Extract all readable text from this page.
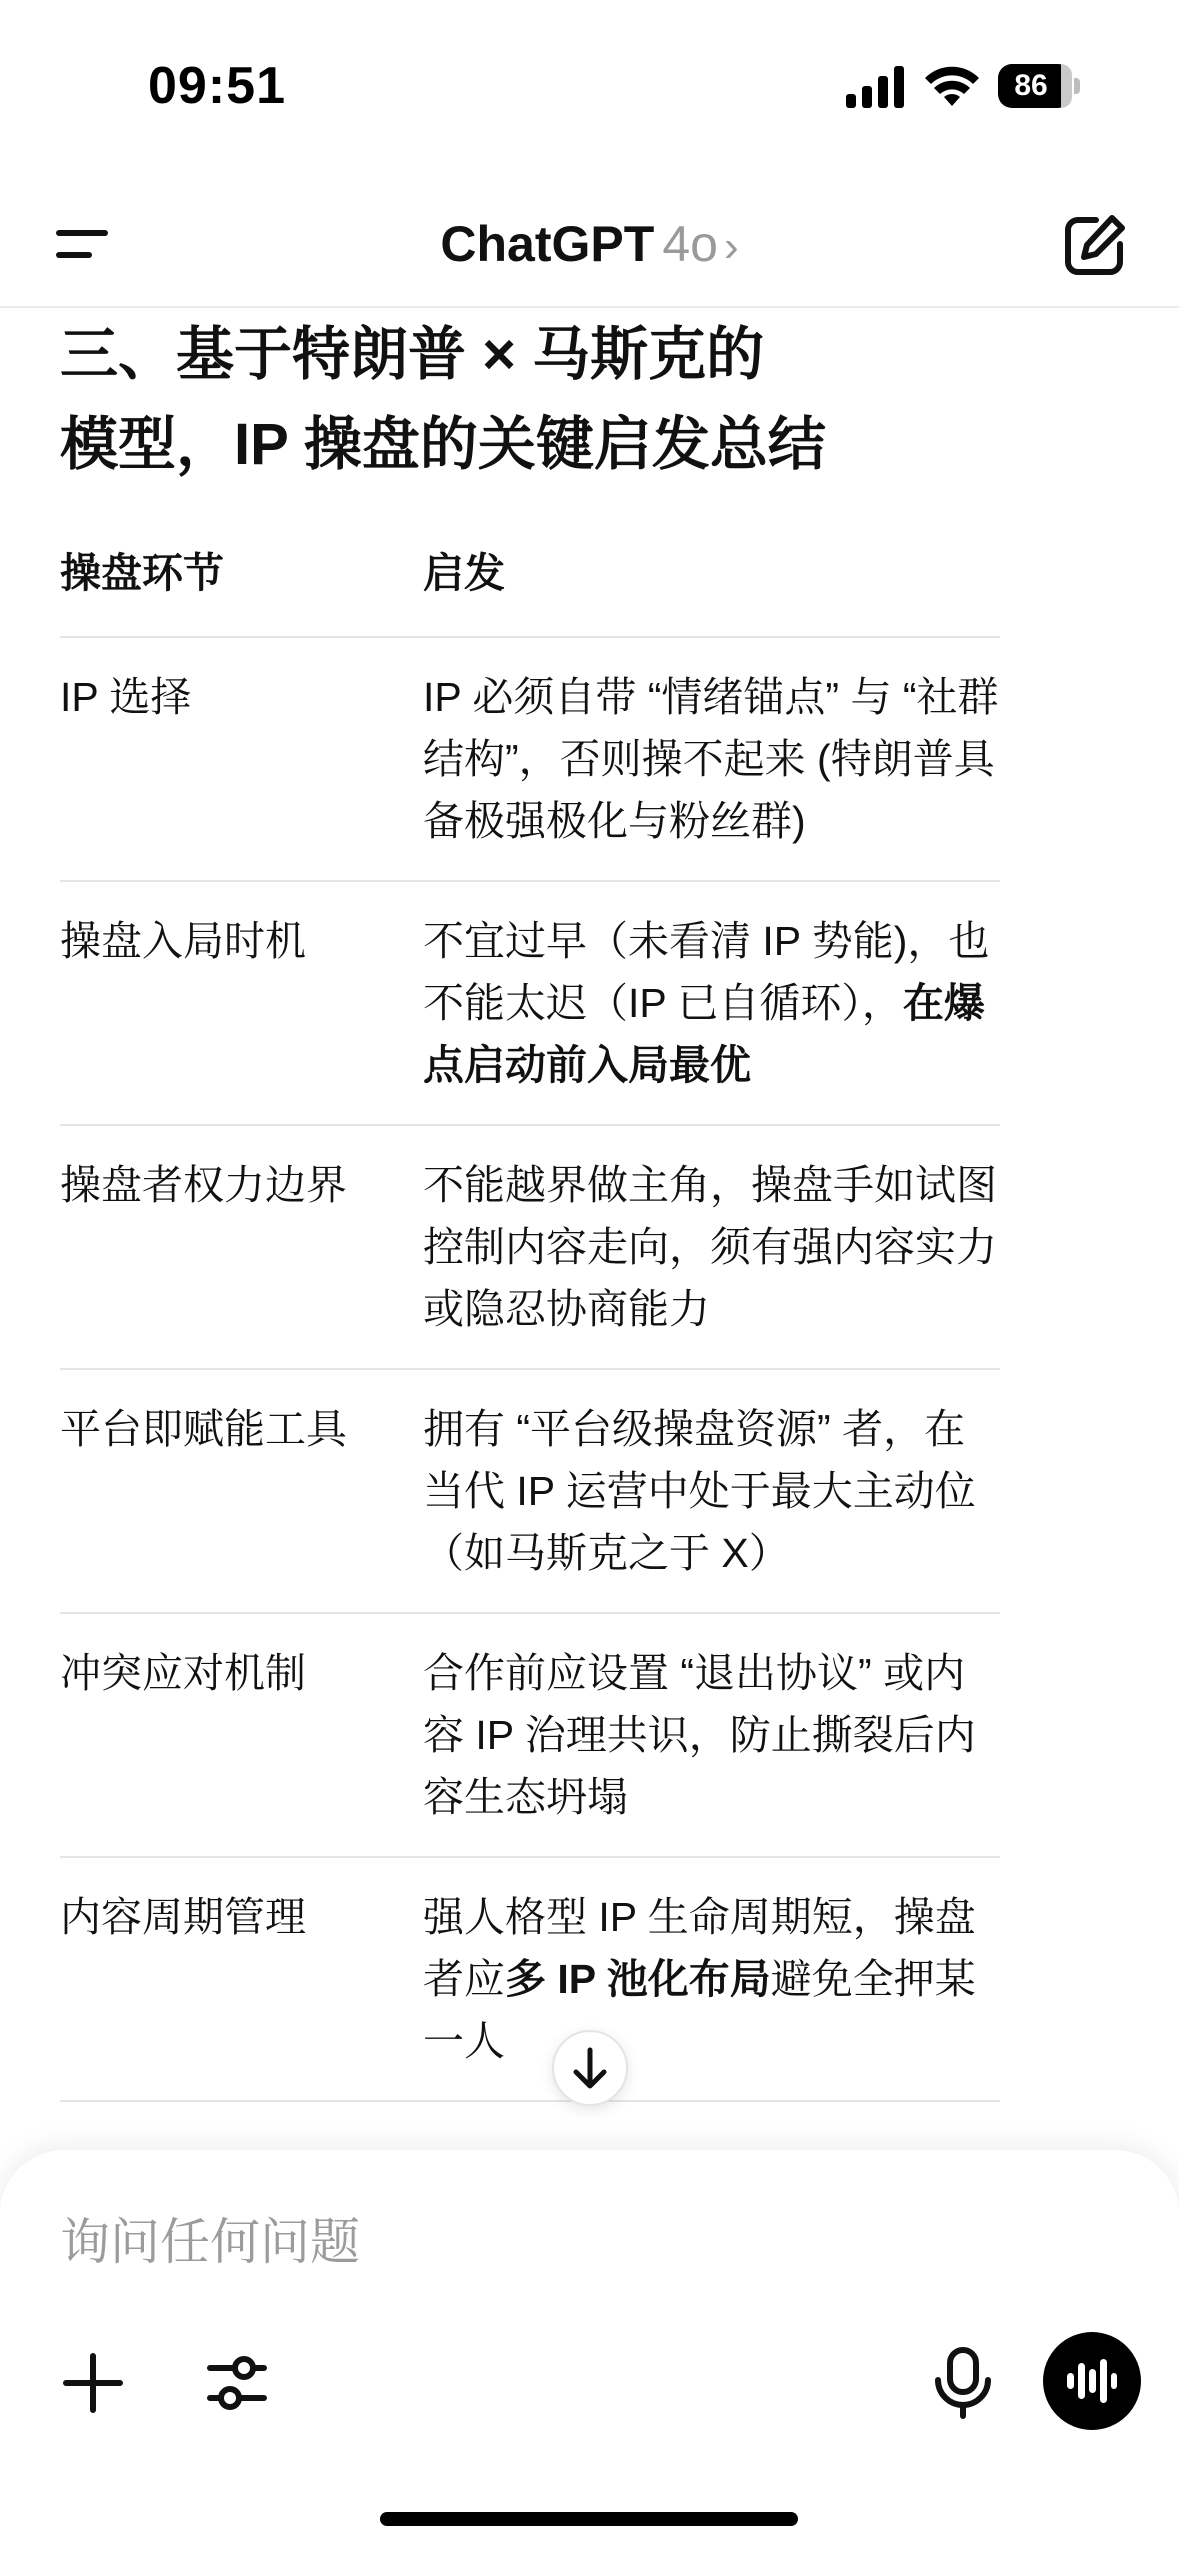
09:51	86
ChatGPT 4o ›
三、基于特朗普 × 马斯克的
模型，IP 操盘的关键启发总结
操盘环节	启发
IP 选择	IP 必须自带 “情绪锚点” 与 “社群结构”，否则操不起来 (特朗普具备极强极化与粉丝群)
操盘入局时机	不宜过早（未看清 IP 势能)，也不能太迟（IP 已自循环），在爆点启动前入局最优
操盘者权力边界	不能越界做主角，操盘手如试图控制内容走向，须有强内容实力或隐忍协商能力
平台即赋能工具	拥有 “平台级操盘资源” 者，在当代 IP 运营中处于最大主动位（如马斯克之于 X）
冲突应对机制	合作前应设置 “退出协议” 或内容 IP 治理共识，防止撕裂后内容生态坍塌
内容周期管理	强人格型 IP 生命周期短，操盘者应多 IP 池化布局避免全押某一人
询问任何问题
